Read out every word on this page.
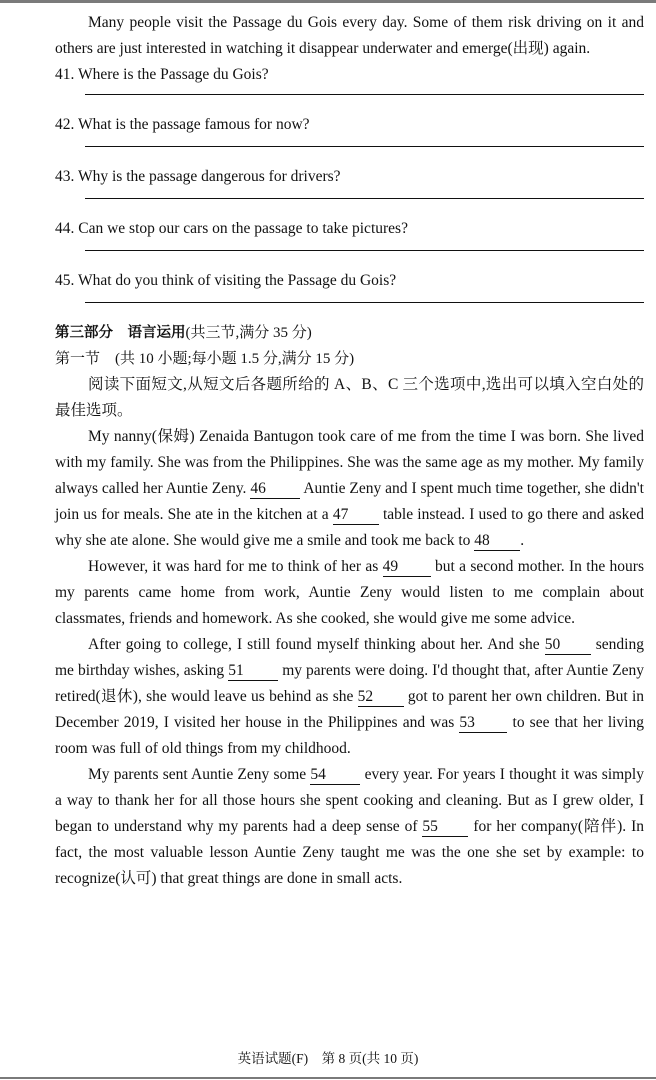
Many people visit the Passage du Gois every day. Some of them risk driving on it and others are just interested in watching it disappear underwater and emerge(出现) again.

41. Where is the Passage du Gois?

42. What is the passage famous for now?

43. Why is the passage dangerous for drivers?

44. Can we stop our cars on the passage to take pictures?

45. What do you think of visiting the Passage du Gois?

第三部分　语言运用(共三节,满分 35 分)

第一节　(共 10 小题;每小题 1.5 分,满分 15 分)

阅读下面短文,从短文后各题所给的 A、B、C 三个选项中,选出可以填入空白处的最佳选项。

My nanny(保姆) Zenaida Bantugon took care of me from the time I was born. She lived with my family. She was from the Philippines. She was the same age as my mother. My family always called her Auntie Zeny. 46 Auntie Zeny and I spent much time together, she didn't join us for meals. She ate in the kitchen at a 47 table instead. I used to go there and asked why she ate alone. She would give me a smile and took me back to 48 .

However, it was hard for me to think of her as 49 but a second mother. In the hours my parents came home from work, Auntie Zeny would listen to me complain about classmates, friends and homework. As she cooked, she would give me some advice.

After going to college, I still found myself thinking about her. And she 50 sending me birthday wishes, asking 51 my parents were doing. I'd thought that, after Auntie Zeny retired(退休), she would leave us behind as she 52 got to parent her own children. But in December 2019, I visited her house in the Philippines and was 53 to see that her living room was full of old things from my childhood.

My parents sent Auntie Zeny some 54 every year. For years I thought it was simply a way to thank her for all those hours she spent cooking and cleaning. But as I grew older, I began to understand why my parents had a deep sense of 55 for her company(陪伴). In fact, the most valuable lesson Auntie Zeny taught me was the one she set by example: to recognize(认可) that great things are done in small acts.

英语试题(F)　第 8 页(共 10 页)
